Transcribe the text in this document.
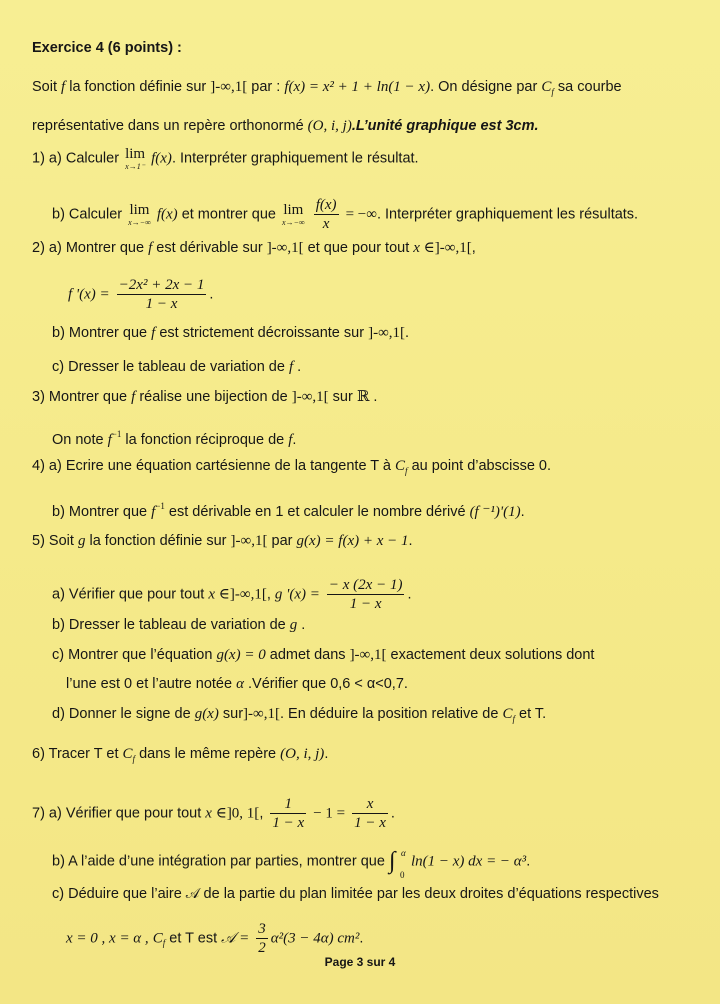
Exercice 4 (6 points) :
Soit f la fonction définie sur ]-∞,1[ par : f(x) = x² + 1 + ln(1 − x). On désigne par $C_f$ sa courbe
représentative dans un repère orthonormé (O, i, j).L’unité graphique est 3cm.
1) a) Calculer lim
x→1⁻
f(x). Interpréter graphiquement le résultat.
b) Calculer lim
x→−∞
f(x) et montrer que lim
x→−∞
$\frac{f(x)}{x}$ = −∞. Interpréter graphiquement les résultats.
2) a) Montrer que f est dérivable sur ]-∞,1[ et que pour tout x ∈]-∞,1[,
f '$(x) = \frac{\text{−2x² + 2x − 1}}{1 - x}$ .
b) Montrer que f est strictement décroissante sur ]-∞,1[.
c) Dresser le tableau de variation de f .
3) Montrer que f réalise une bijection de ]-∞,1[ sur ℝ .
On note $f^{-1}$ la fonction réciproque de f.
4) a) Ecrire une équation cartésienne de la tangente T à $C_f$ au point d’abscisse 0.
b) Montrer que $f^{-1}$ est dérivable en 1 et calculer le nombre dérivé (f ⁻¹)'(1).
5) Soit g la fonction définie sur ]-∞,1[ par g(x) = f(x) + x − 1.
a) Vérifier que pour tout x ∈]-∞,1[, g '$(x) = \frac{- x (2x - 1)}{1 - x}$ .
b) Dresser le tableau de variation de g .
c) Montrer que l’équation g(x) = 0 admet dans ]-∞,1[ exactement deux solutions dont
l’une est 0 et l’autre notée α .Vérifier que 0,6 < α<0,7.
d) Donner le signe de g(x) sur]-∞,1[. En déduire la position relative de $C_f$ et T.
6) Tracer T et $C_f$ dans le même repère (O, i, j).
7) a) Vérifier que pour tout x ∈]0, 1[, $\frac{1}{1 - x} - 1 = \frac{x}{1 - x}$ .
b) A l’aide d’une intégration par parties, montrer que ∫ α
0
ln(1 − x) dx = − α³.
c) Déduire que l’aire 𝒜 de la partie du plan limitée par les deux droites d’équations respectives
x = 0 , x = α , $C_f$ et T est 𝒜 = $\frac{3}{2} \alpha^2(3 - 4\alpha)$ cm².
Page 3 sur 4
